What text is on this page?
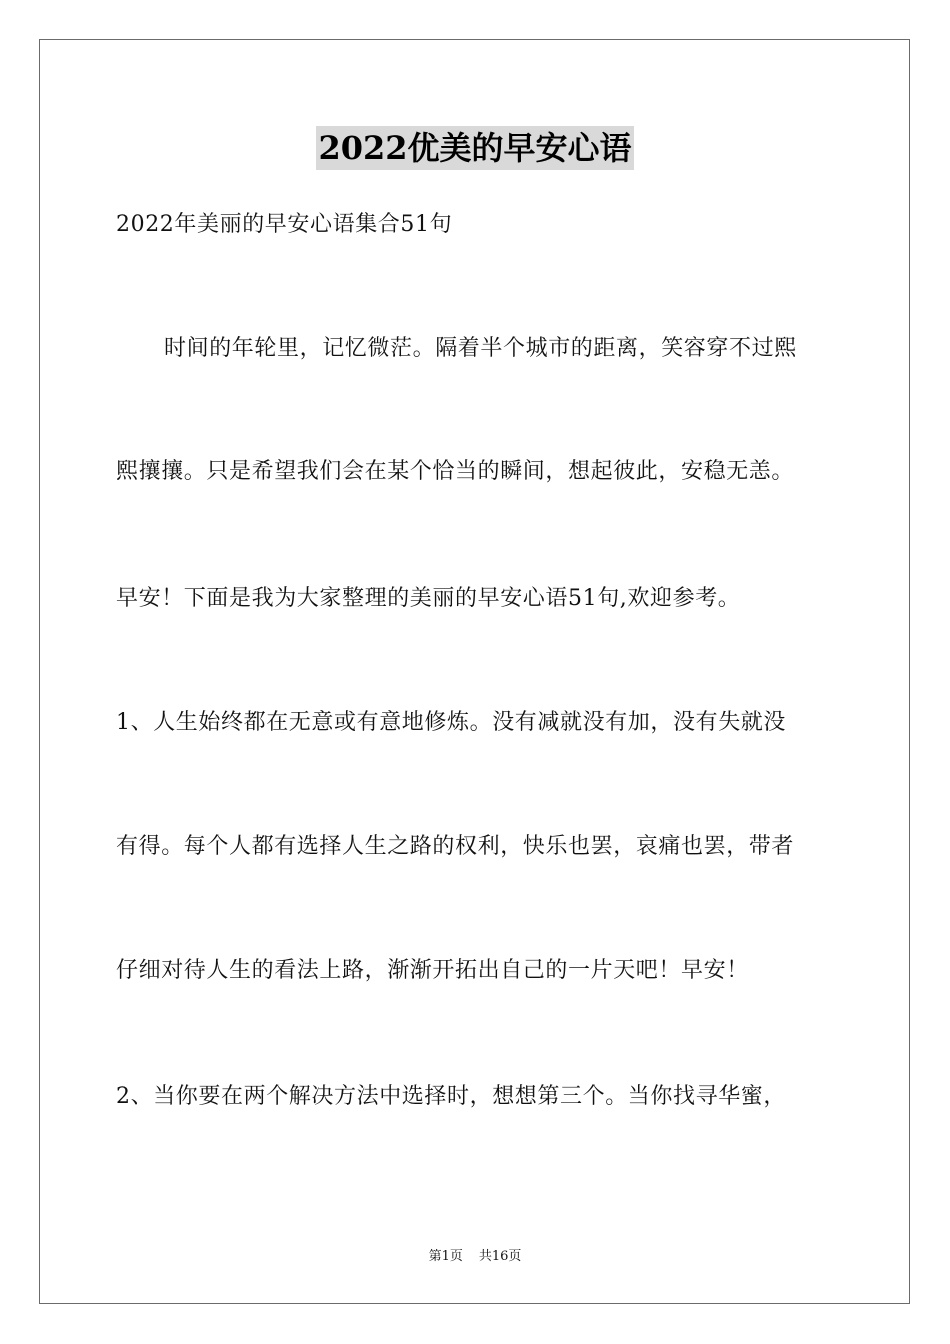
2022优美的早安心语
2022年美丽的早安心语集合51句
时间的年轮里，记忆微茫。隔着半个城市的距离，笑容穿不过熙
熙攘攘。只是希望我们会在某个恰当的瞬间，想起彼此，安稳无恙。
早安！下面是我为大家整理的美丽的早安心语51句,欢迎参考。
1、人生始终都在无意或有意地修炼。没有减就没有加，没有失就没
有得。每个人都有选择人生之路的权利，快乐也罢，哀痛也罢，带者
仔细对待人生的看法上路，渐渐开拓出自己的一片天吧！早安！
2、当你要在两个解决方法中选择时，想想第三个。当你找寻华蜜，
第1页 共16页
